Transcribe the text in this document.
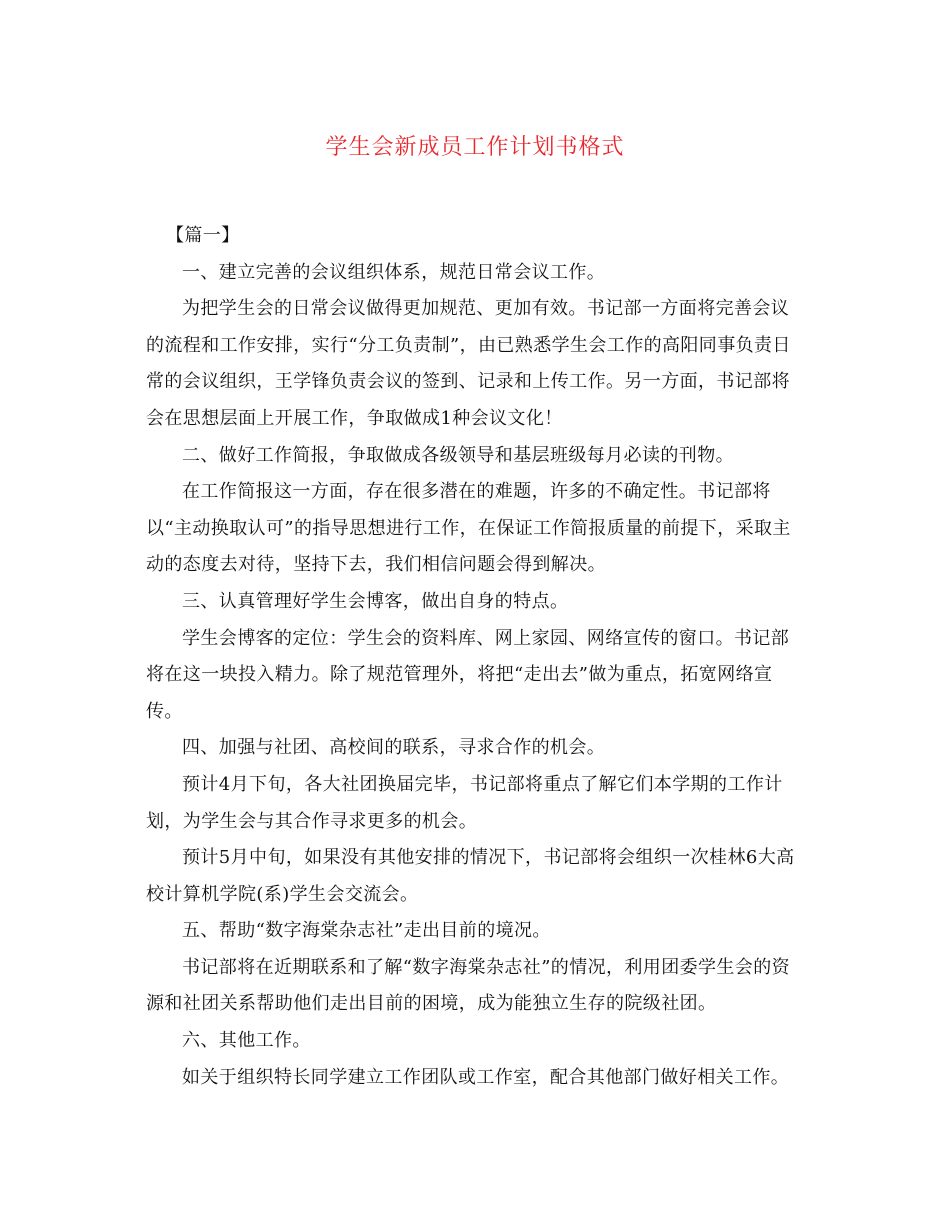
学生会新成员工作计划书格式

【篇一】

一、建立完善的会议组织体系，规范日常会议工作。

为把学生会的日常会议做得更加规范、更加有效。书记部一方面将完善会议的流程和工作安排，实行“分工负责制”，由已熟悉学生会工作的高阳同事负责日常的会议组织，王学锋负责会议的签到、记录和上传工作。另一方面，书记部将会在思想层面上开展工作，争取做成1种会议文化！

二、做好工作简报，争取做成各级领导和基层班级每月必读的刊物。

在工作简报这一方面，存在很多潜在的难题，许多的不确定性。书记部将以“主动换取认可”的指导思想进行工作，在保证工作简报质量的前提下，采取主动的态度去对待，坚持下去，我们相信问题会得到解决。

三、认真管理好学生会博客，做出自身的特点。

学生会博客的定位：学生会的资料库、网上家园、网络宣传的窗口。书记部将在这一块投入精力。除了规范管理外，将把“走出去”做为重点，拓宽网络宣传。

四、加强与社团、高校间的联系，寻求合作的机会。

预计4月下旬，各大社团换届完毕，书记部将重点了解它们本学期的工作计划，为学生会与其合作寻求更多的机会。

预计5月中旬，如果没有其他安排的情况下，书记部将会组织一次桂林6大高校计算机学院(系)学生会交流会。

五、帮助“数字海棠杂志社”走出目前的境况。

书记部将在近期联系和了解“数字海棠杂志社”的情况，利用团委学生会的资源和社团关系帮助他们走出目前的困境，成为能独立生存的院级社团。

六、其他工作。

如关于组织特长同学建立工作团队或工作室，配合其他部门做好相关工作。
